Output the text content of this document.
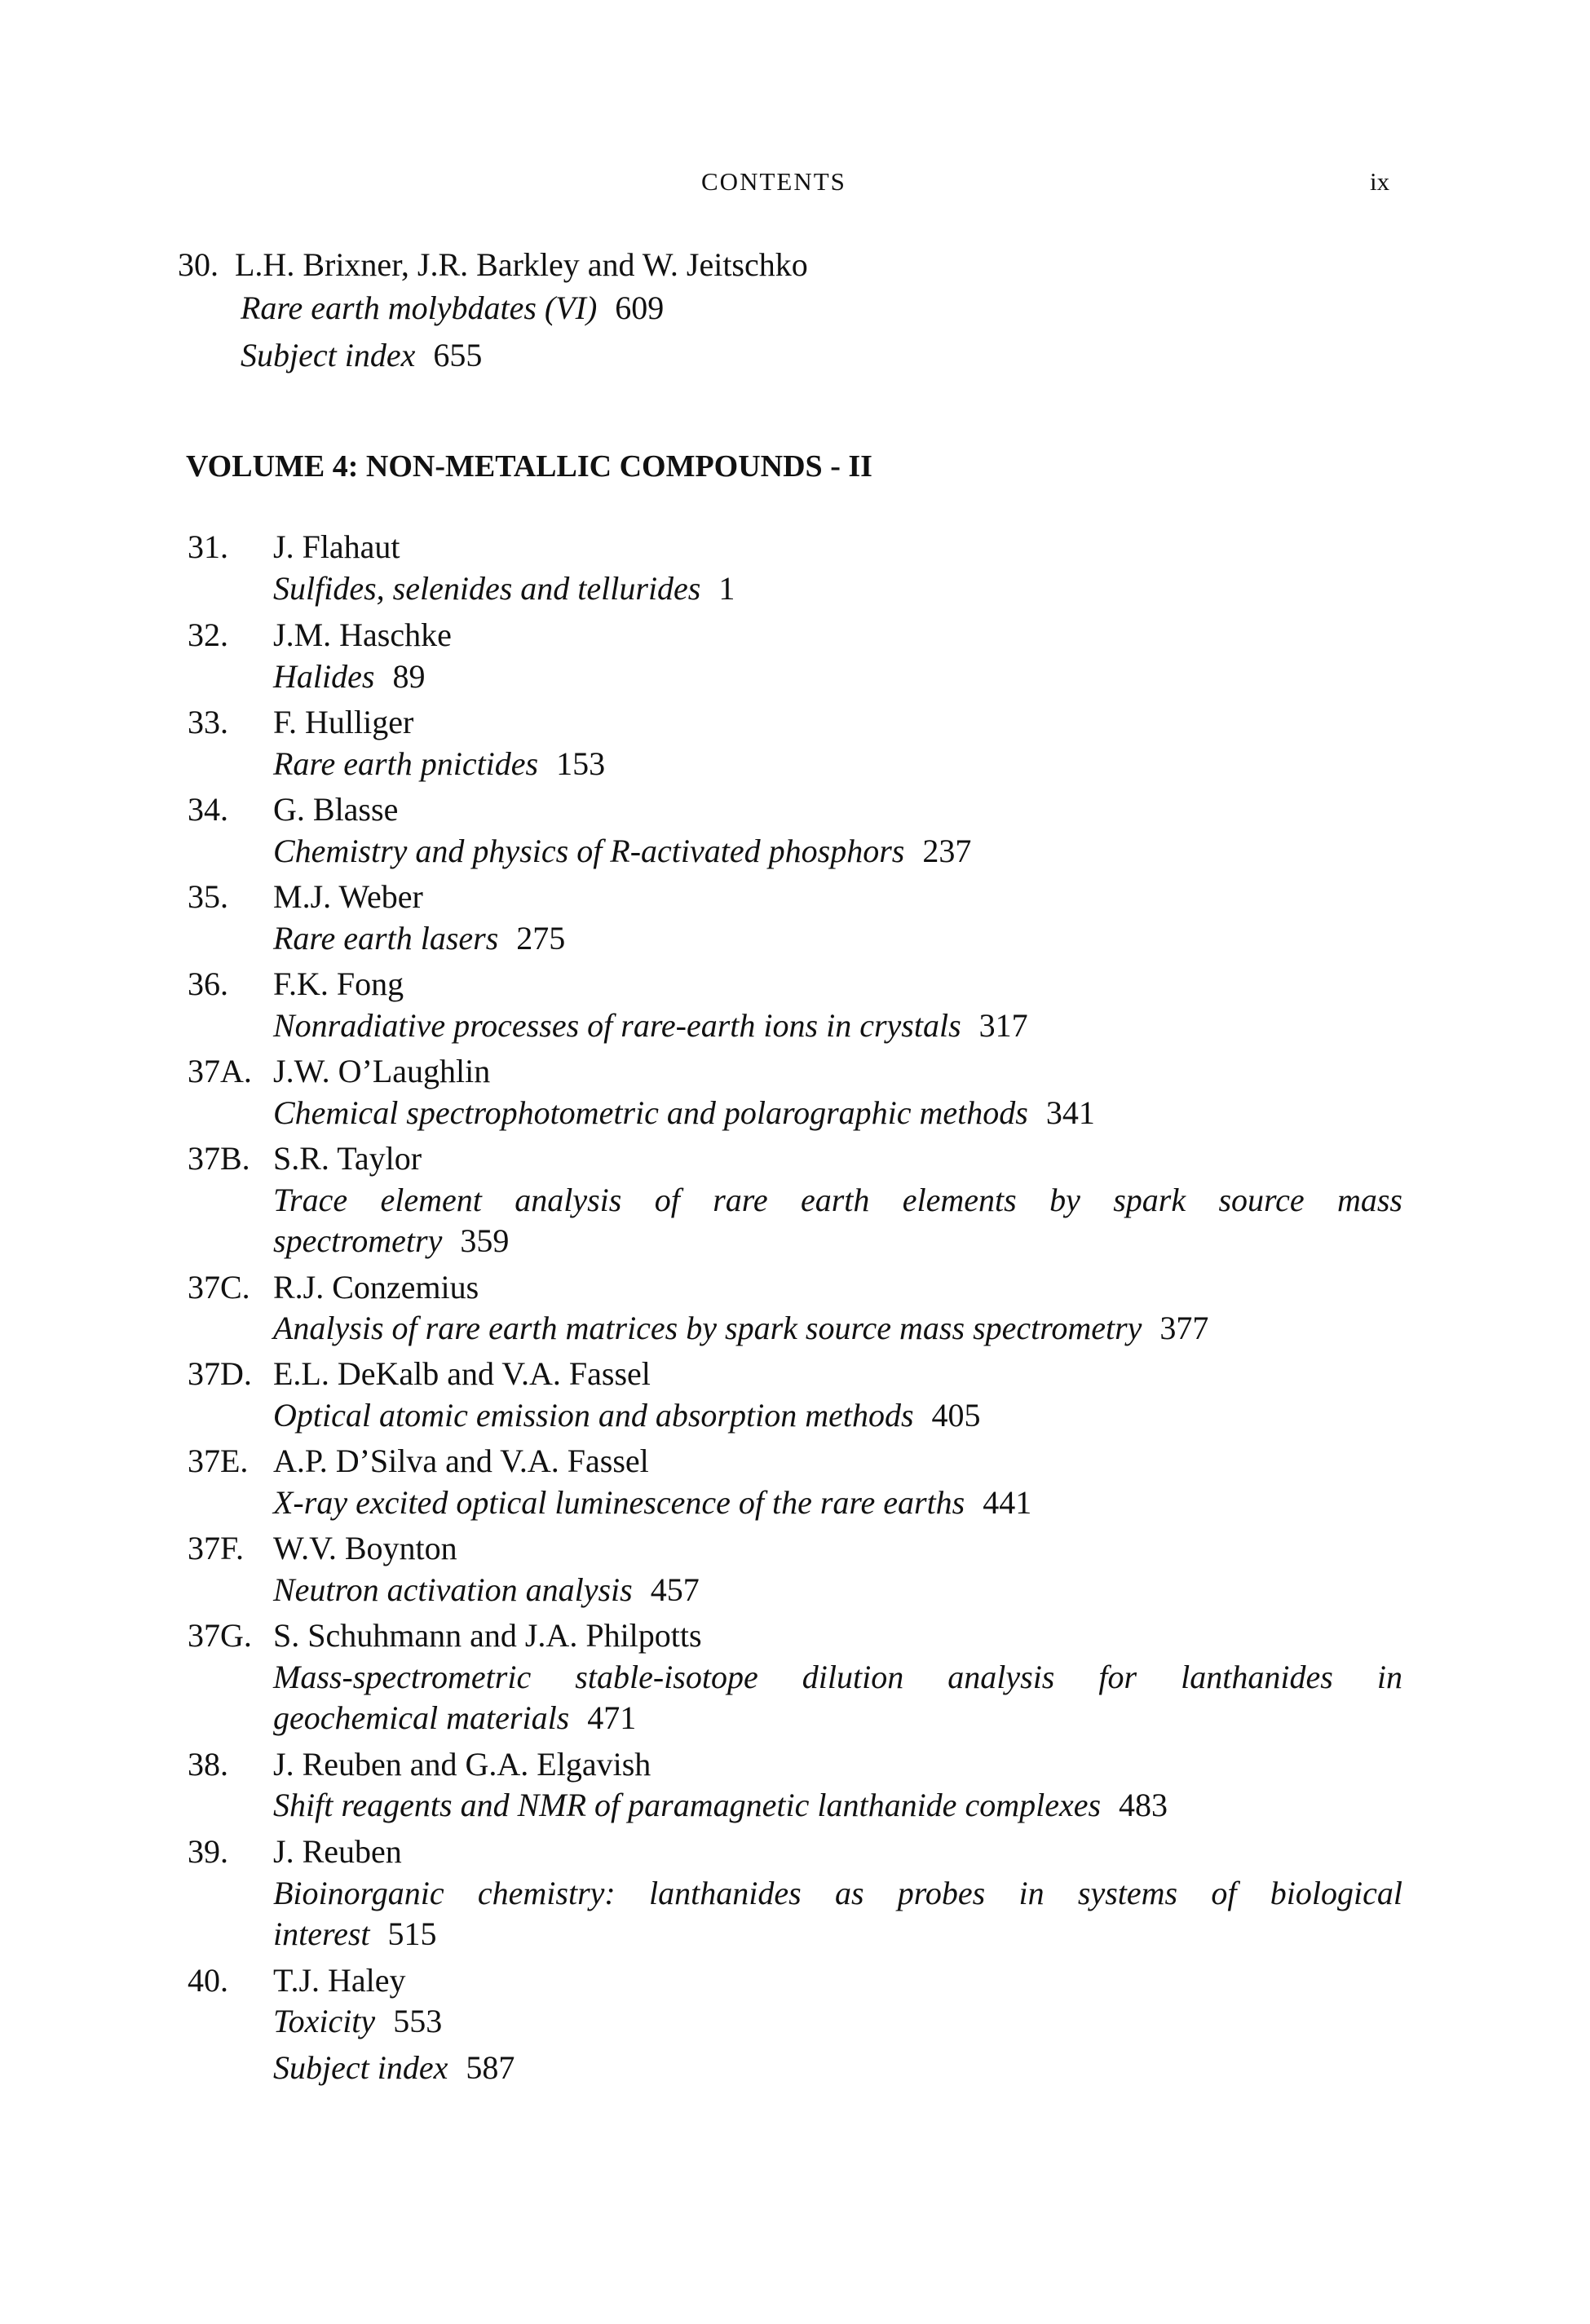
CONTENTS	ix
30. L.H. Brixner, J.R. Barkley and W. Jeitschko
Rare earth molybdates (VI) 609
Subject index 655
VOLUME 4: NON-METALLIC COMPOUNDS - II
31. J. Flahaut
Sulfides, selenides and tellurides 1
32. J.M. Haschke
Halides 89
33. F. Hulliger
Rare earth pnictides 153
34. G. Blasse
Chemistry and physics of R-activated phosphors 237
35. M.J. Weber
Rare earth lasers 275
36. F.K. Fong
Nonradiative processes of rare-earth ions in crystals 317
37A. J.W. O’Laughlin
Chemical spectrophotometric and polarographic methods 341
37B. S.R. Taylor
Trace element analysis of rare earth elements by spark source mass
spectrometry 359
37C. R.J. Conzemius
Analysis of rare earth matrices by spark source mass spectrometry 377
37D. E.L. DeKalb and V.A. Fassel
Optical atomic emission and absorption methods 405
37E. A.P. D’Silva and V.A. Fassel
X-ray excited optical luminescence of the rare earths 441
37F. W.V. Boynton
Neutron activation analysis 457
37G. S. Schuhmann and J.A. Philpotts
Mass-spectrometric stable-isotope dilution analysis for lanthanides in
geochemical materials 471
38. J. Reuben and G.A. Elgavish
Shift reagents and NMR of paramagnetic lanthanide complexes 483
39. J. Reuben
Bioinorganic chemistry: lanthanides as probes in systems of biological
interest 515
40. T.J. Haley
Toxicity 553
Subject index 587
